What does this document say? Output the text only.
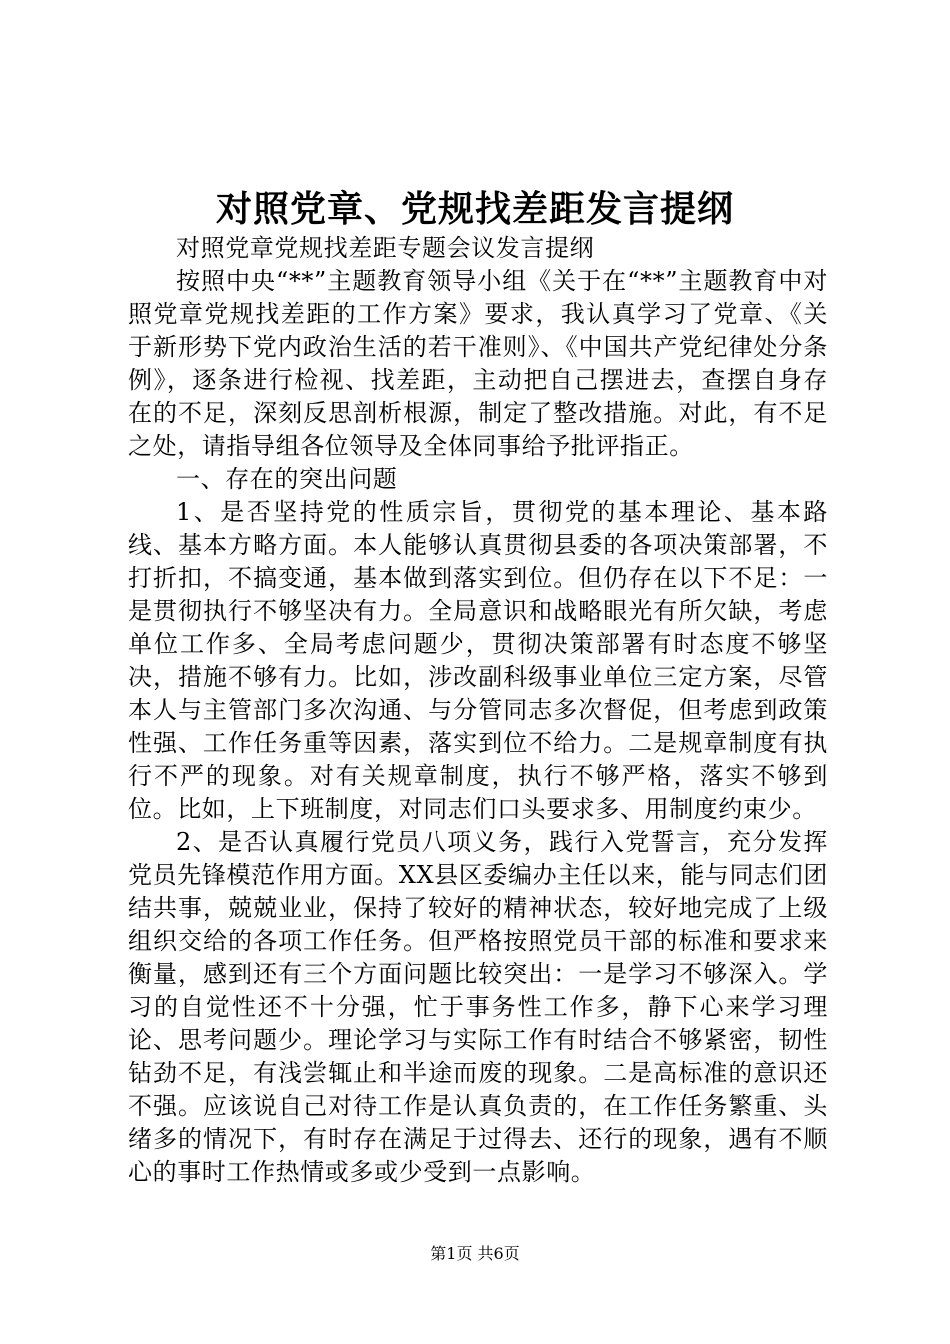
对照党章、党规找差距发言提纲

对照党章党规找差距专题会议发言提纲

按照中央“**”主题教育领导小组《关于在“**”主题教育中对照党章党规找差距的工作方案》要求，我认真学习了党章、《关于新形势下党内政治生活的若干准则》、《中国共产党纪律处分条例》，逐条进行检视、找差距，主动把自己摆进去，查摆自身存在的不足，深刻反思剖析根源，制定了整改措施。对此，有不足之处，请指导组各位领导及全体同事给予批评指正。

一、存在的突出问题

1、是否坚持党的性质宗旨，贯彻党的基本理论、基本路线、基本方略方面。本人能够认真贯彻县委的各项决策部署，不打折扣，不搞变通，基本做到落实到位。但仍存在以下不足：一是贯彻执行不够坚决有力。全局意识和战略眼光有所欠缺，考虑单位工作多、全局考虑问题少，贯彻决策部署有时态度不够坚决，措施不够有力。比如，涉改副科级事业单位三定方案，尽管本人与主管部门多次沟通、与分管同志多次督促，但考虑到政策性强、工作任务重等因素，落实到位不给力。二是规章制度有执行不严的现象。对有关规章制度，执行不够严格，落实不够到位。比如，上下班制度，对同志们口头要求多、用制度约束少。

2、是否认真履行党员八项义务，践行入党誓言，充分发挥党员先锋模范作用方面。XX县区委编办主任以来，能与同志们团结共事，兢兢业业，保持了较好的精神状态，较好地完成了上级组织交给的各项工作任务。但严格按照党员干部的标准和要求来衡量，感到还有三个方面问题比较突出：一是学习不够深入。学习的自觉性还不十分强，忙于事务性工作多，静下心来学习理论、思考问题少。理论学习与实际工作有时结合不够紧密，韧性钻劲不足，有浅尝辄止和半途而废的现象。二是高标准的意识还不强。应该说自己对待工作是认真负责的，在工作任务繁重、头绪多的情况下，有时存在满足于过得去、还行的现象，遇有不顺心的事时工作热情或多或少受到一点影响。

第1页 共6页
